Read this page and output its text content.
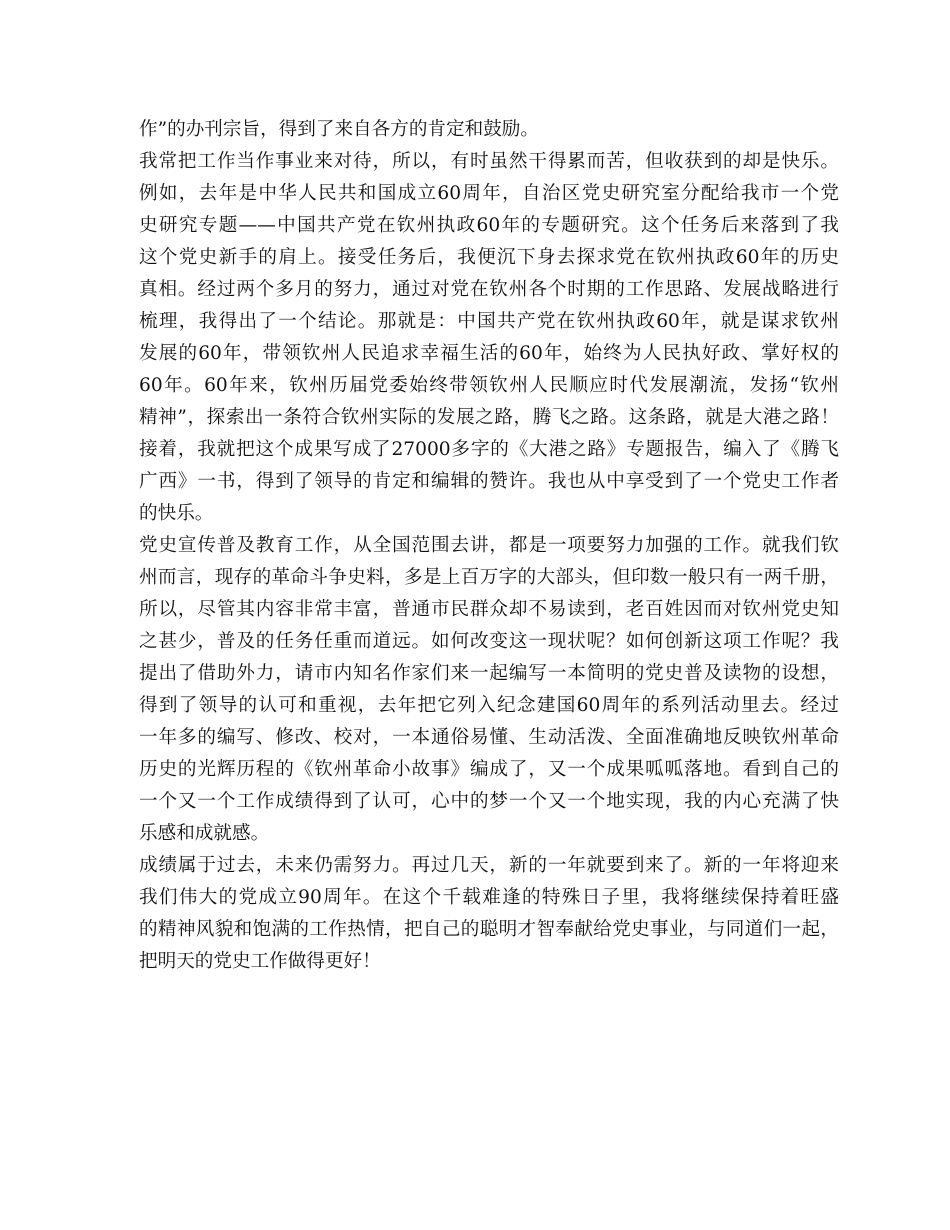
作”的办刊宗旨，得到了来自各方的肯定和鼓励。
我常把工作当作事业来对待，所以，有时虽然干得累而苦，但收获到的却是快乐。
例如，去年是中华人民共和国成立60周年，自治区党史研究室分配给我市一个党
史研究专题——中国共产党在钦州执政60年的专题研究。这个任务后来落到了我
这个党史新手的肩上。接受任务后，我便沉下身去探求党在钦州执政60年的历史
真相。经过两个多月的努力，通过对党在钦州各个时期的工作思路、发展战略进行
梳理，我得出了一个结论。那就是：中国共产党在钦州执政60年，就是谋求钦州
发展的60年，带领钦州人民追求幸福生活的60年，始终为人民执好政、掌好权的
60年。60年来，钦州历届党委始终带领钦州人民顺应时代发展潮流，发扬“钦州
精神”，探索出一条符合钦州实际的发展之路，腾飞之路。这条路，就是大港之路！
接着，我就把这个成果写成了27000多字的《大港之路》专题报告，编入了《腾飞
广西》一书，得到了领导的肯定和编辑的赞许。我也从中享受到了一个党史工作者
的快乐。
党史宣传普及教育工作，从全国范围去讲，都是一项要努力加强的工作。就我们钦
州而言，现存的革命斗争史料，多是上百万字的大部头，但印数一般只有一两千册，
所以，尽管其内容非常丰富，普通市民群众却不易读到，老百姓因而对钦州党史知
之甚少，普及的任务任重而道远。如何改变这一现状呢？如何创新这项工作呢？我
提出了借助外力，请市内知名作家们来一起编写一本简明的党史普及读物的设想，
得到了领导的认可和重视，去年把它列入纪念建国60周年的系列活动里去。经过
一年多的编写、修改、校对，一本通俗易懂、生动活泼、全面准确地反映钦州革命
历史的光辉历程的《钦州革命小故事》编成了，又一个成果呱呱落地。看到自己的
一个又一个工作成绩得到了认可，心中的梦一个又一个地实现，我的内心充满了快
乐感和成就感。
成绩属于过去，未来仍需努力。再过几天，新的一年就要到来了。新的一年将迎来
我们伟大的党成立90周年。在这个千载难逢的特殊日子里，我将继续保持着旺盛
的精神风貌和饱满的工作热情，把自己的聪明才智奉献给党史事业，与同道们一起，
把明天的党史工作做得更好！
